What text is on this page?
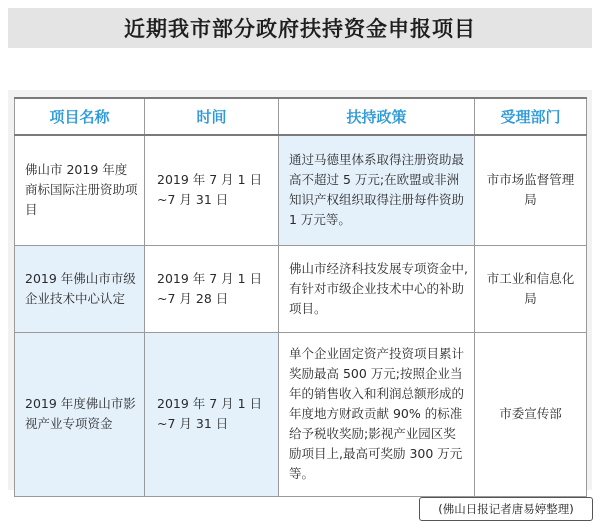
近期我市部分政府扶持资金申报项目
项目名称	时间	扶持政策	受理部门
佛山市 2019 年度商标国际注册资助项目	2019 年 7 月 1 日 ~7 月 31 日	通过马德里体系取得注册资助最高不超过 5 万元;在欧盟或非洲知识产权组织取得注册每件资助 1 万元等。	市市场监督管理局
2019 年佛山市市级企业技术中心认定	2019 年 7 月 1 日 ~7 月 28 日	佛山市经济科技发展专项资金中,有针对市级企业技术中心的补助项目。	市工业和信息化局
2019 年度佛山市影视产业专项资金	2019 年 7 月 1 日 ~7 月 31 日	单个企业固定资产投资项目累计奖励最高 500 万元;按照企业当年的销售收入和利润总额形成的年度地方财政贡献 90% 的标准给予税收奖励;影视产业园区奖励项目上,最高可奖励 300 万元等。	市委宣传部
(佛山日报记者唐易婷整理)
